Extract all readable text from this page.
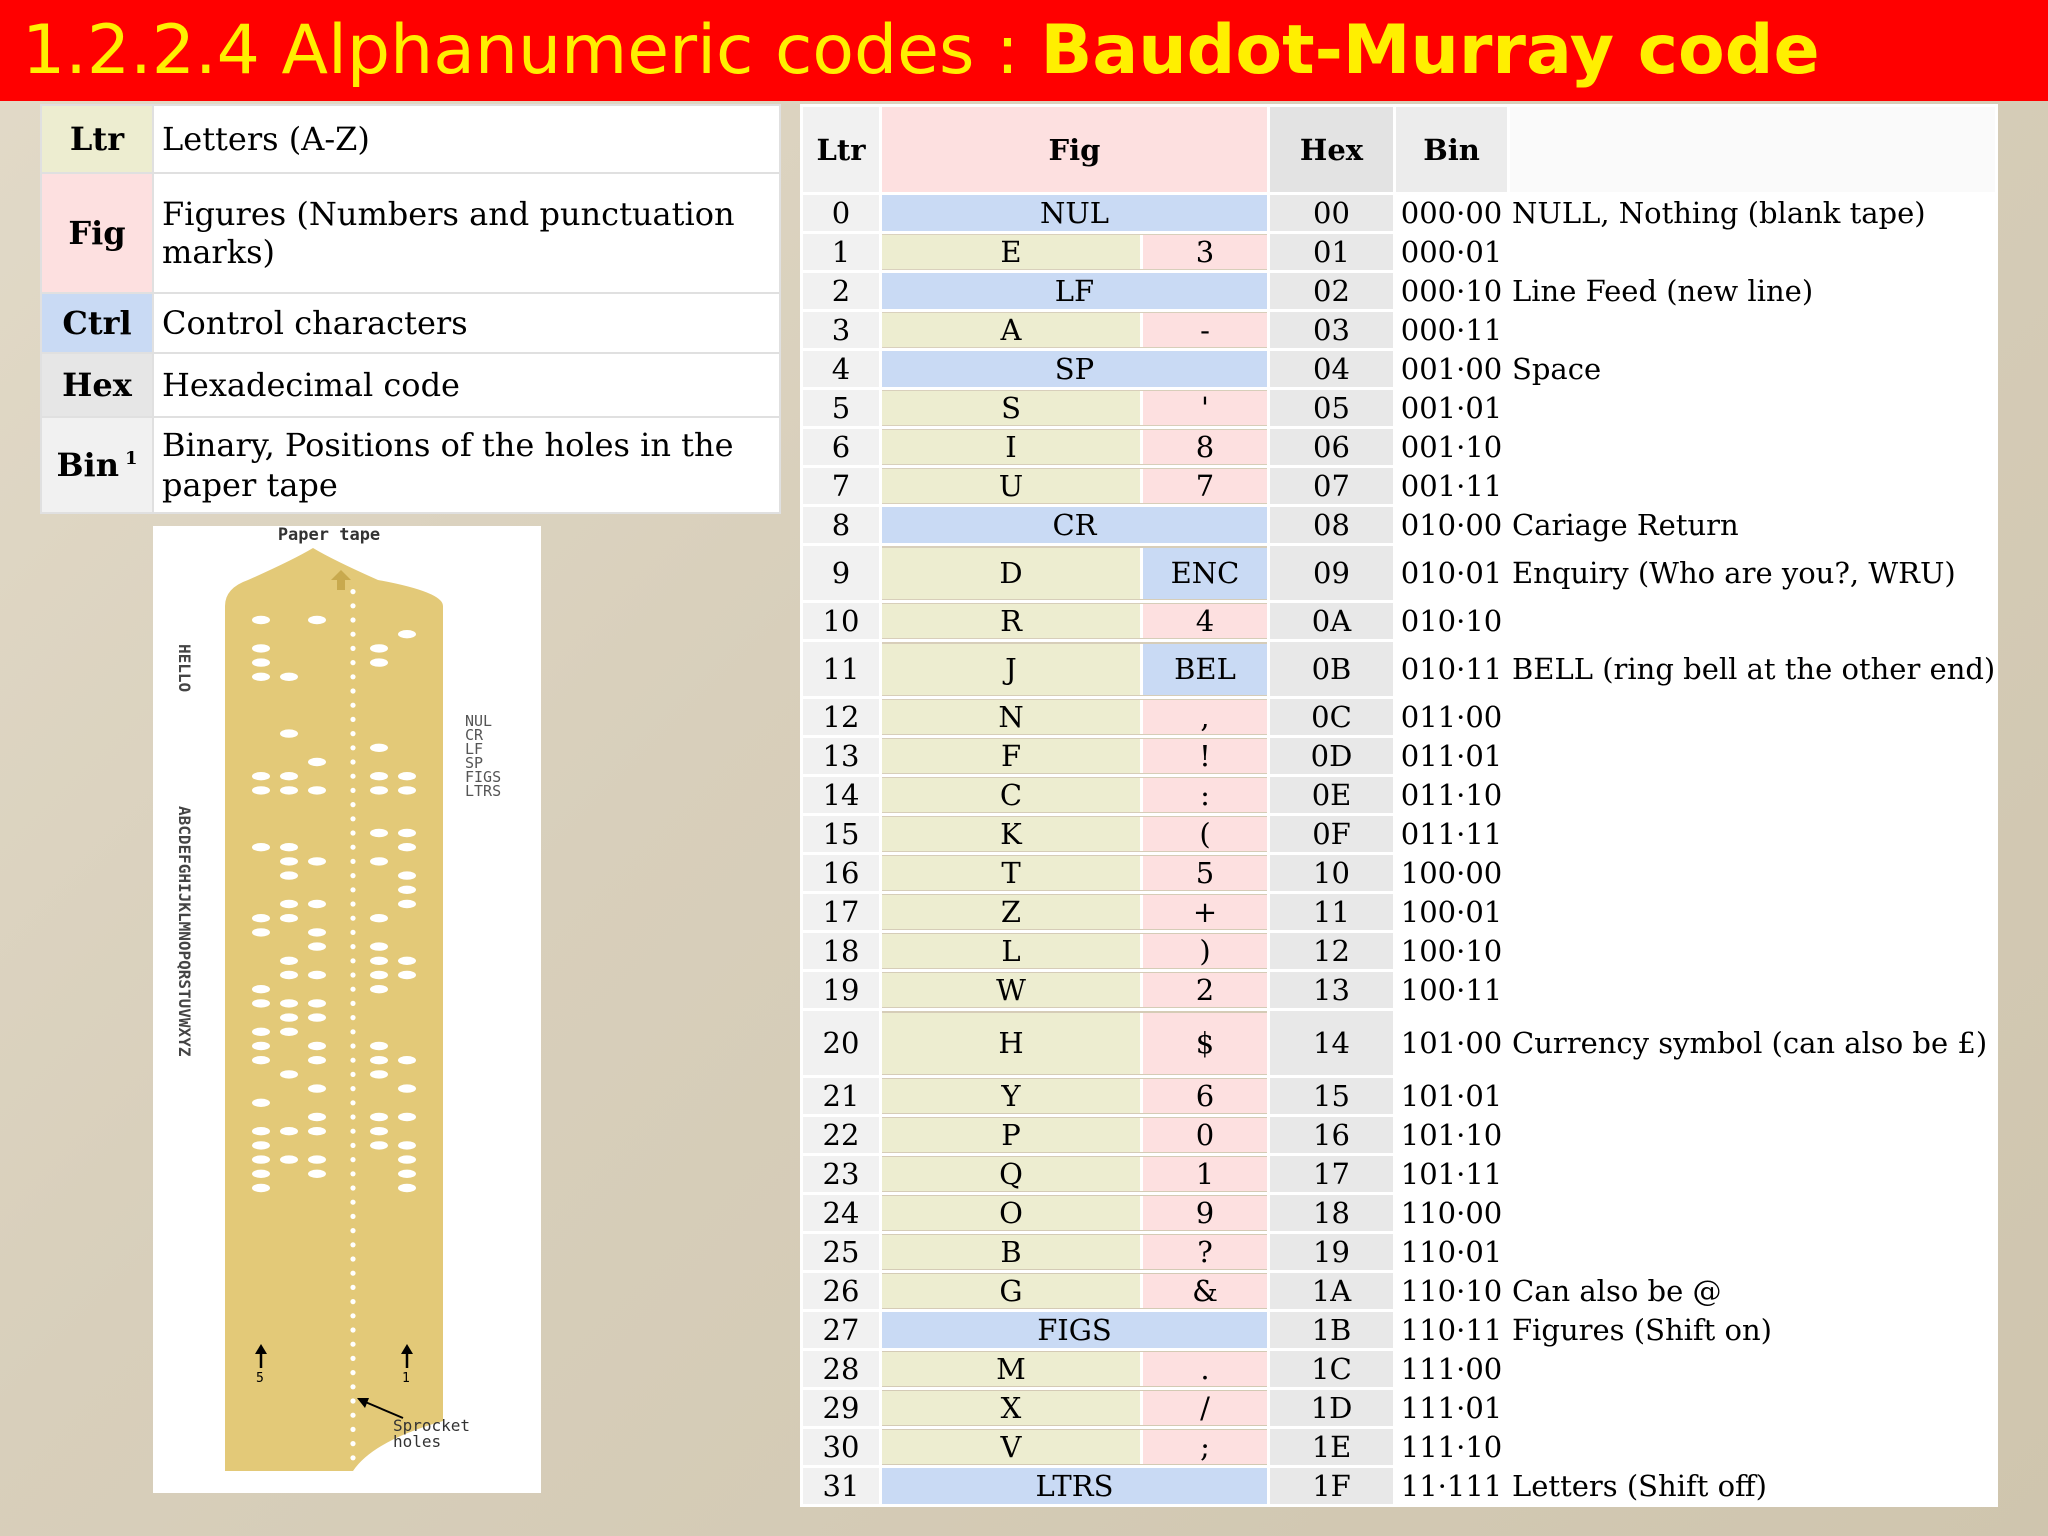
1.2.2.4 Alphanumeric codes : Baudot-Murray code
Ltr	Letters (A-Z)
Fig	Figures (Numbers and punctuation marks)
Ctrl	Control characters
Hex	Hexadecimal code
Bin $^1$	Binary, Positions of the holes in the paper tape
Paper tape
HELLO
ABCDEFGHIJKLMNOPQRSTUVWXYZ
NUL
CR
LF
SP
FIGS
LTRS
5	1
Sprocket
holes
Ltr	Fig	Hex	Bin	
0	NUL	00	000·00	NULL, Nothing (blank tape)
1	E 3	01	000·01	
2	LF	02	000·10	Line Feed (new line)
3	A -	03	000·11	
4	SP	04	001·00	Space
5	S '	05	001·01	
6	I 8	06	001·10	
7	U 7	07	001·11	
8	CR	08	010·00	Cariage Return
9	D ENC	09	010·01	Enquiry (Who are you?, WRU)
10	R 4	0A	010·10	
11	J BEL	0B	010·11	BELL (ring bell at the other end)
12	N ,	0C	011·00	
13	F !	0D	011·01	
14	C :	0E	011·10	
15	K (	0F	011·11	
16	T 5	10	100·00	
17	Z +	11	100·01	
18	L )	12	100·10	
19	W 2	13	100·11	
20	H $	14	101·00	Currency symbol (can also be £)
21	Y 6	15	101·01	
22	P 0	16	101·10	
23	Q 1	17	101·11	
24	O 9	18	110·00	
25	B ?	19	110·01	
26	G &	1A	110·10	Can also be @
27	FIGS	1B	110·11	Figures (Shift on)
28	M .	1C	111·00	
29	X /	1D	111·01	
30	V ;	1E	111·10	
31	LTRS	1F	11·111	Letters (Shift off)
